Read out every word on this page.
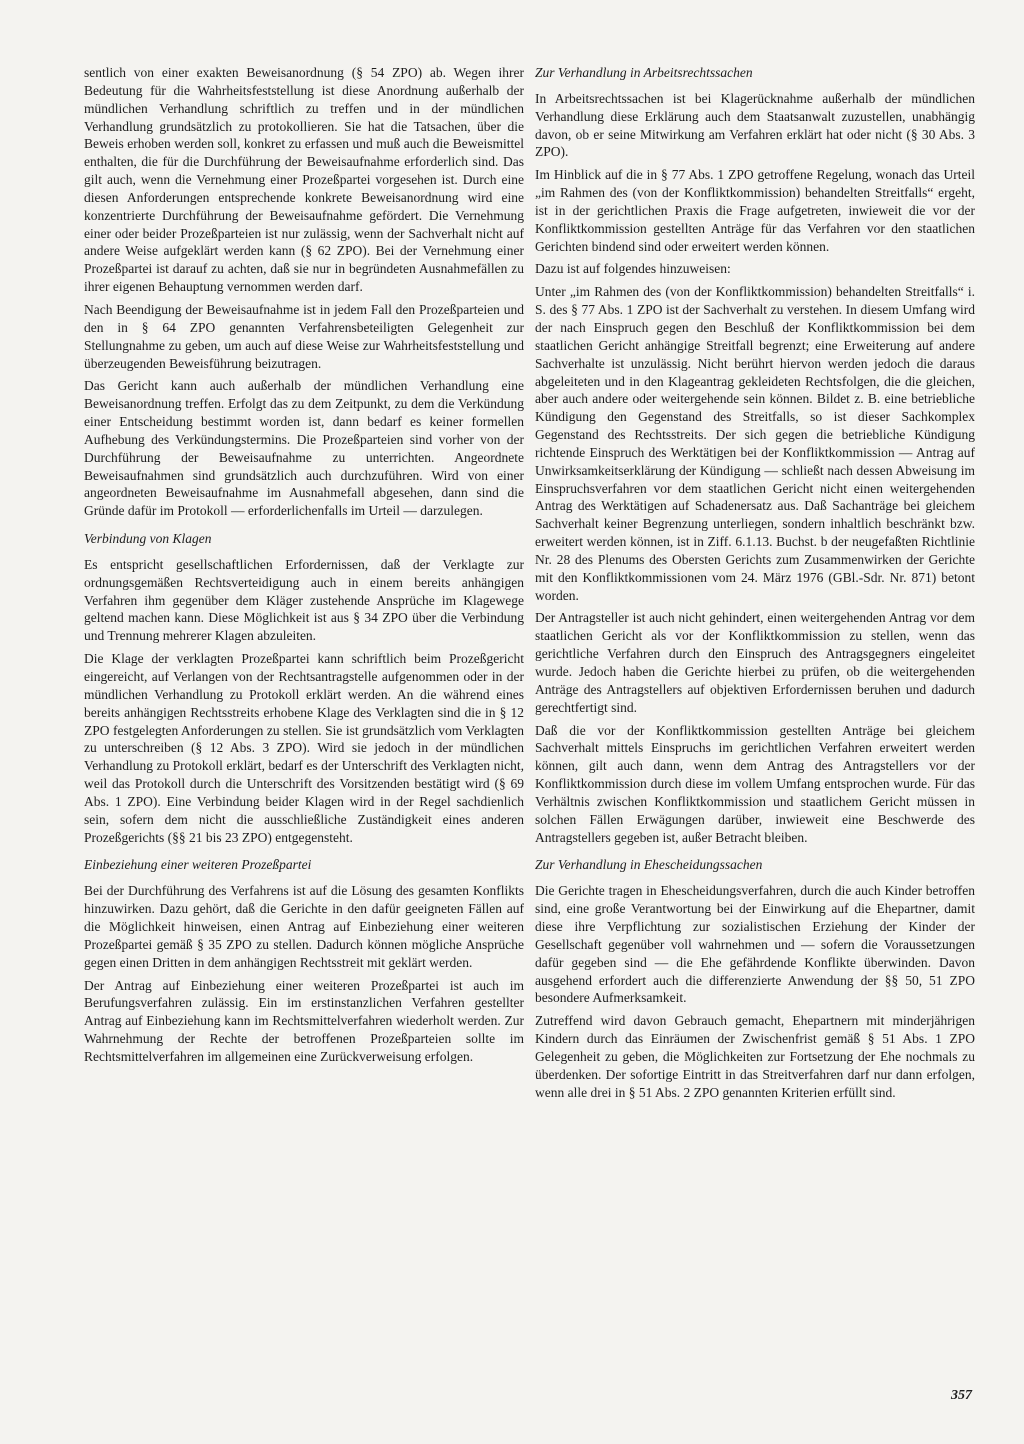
sentlich von einer exakten Beweisanordnung (§ 54 ZPO) ab. Wegen ihrer Bedeutung für die Wahrheitsfeststellung ist diese Anordnung außerhalb der mündlichen Verhandlung schriftlich zu treffen und in der mündlichen Verhandlung grundsätzlich zu protokollieren. Sie hat die Tatsachen, über die Beweis erhoben werden soll, konkret zu erfassen und muß auch die Beweismittel enthalten, die für die Durchführung der Beweisaufnahme erforderlich sind. Das gilt auch, wenn die Vernehmung einer Prozeßpartei vorgesehen ist. Durch eine diesen Anforderungen entsprechende konkrete Beweisanordnung wird eine konzentrierte Durchführung der Beweisaufnahme gefördert. Die Vernehmung einer oder beider Prozeßparteien ist nur zulässig, wenn der Sachverhalt nicht auf andere Weise aufgeklärt werden kann (§ 62 ZPO). Bei der Vernehmung einer Prozeßpartei ist darauf zu achten, daß sie nur in begründeten Ausnahmefällen zu ihrer eigenen Behauptung vernommen werden darf.

Nach Beendigung der Beweisaufnahme ist in jedem Fall den Prozeßparteien und den in § 64 ZPO genannten Verfahrensbeteiligten Gelegenheit zur Stellungnahme zu geben, um auch auf diese Weise zur Wahrheitsfeststellung und überzeugenden Beweisführung beizutragen.

Das Gericht kann auch außerhalb der mündlichen Verhandlung eine Beweisanordnung treffen. Erfolgt das zu dem Zeitpunkt, zu dem die Verkündung einer Entscheidung bestimmt worden ist, dann bedarf es keiner formellen Aufhebung des Verkündungstermins. Die Prozeßparteien sind vorher von der Durchführung der Beweisaufnahme zu unterrichten. Angeordnete Beweisaufnahmen sind grundsätzlich auch durchzuführen. Wird von einer angeordneten Beweisaufnahme im Ausnahmefall abgesehen, dann sind die Gründe dafür im Protokoll — erforderlichenfalls im Urteil — darzulegen.

Verbindung von Klagen

Es entspricht gesellschaftlichen Erfordernissen, daß der Verklagte zur ordnungsgemäßen Rechtsverteidigung auch in einem bereits anhängigen Verfahren ihm gegenüber dem Kläger zustehende Ansprüche im Klagewege geltend machen kann. Diese Möglichkeit ist aus § 34 ZPO über die Verbindung und Trennung mehrerer Klagen abzuleiten.

Die Klage der verklagten Prozeßpartei kann schriftlich beim Prozeßgericht eingereicht, auf Verlangen von der Rechtsantragstelle aufgenommen oder in der mündlichen Verhandlung zu Protokoll erklärt werden. An die während eines bereits anhängigen Rechtsstreits erhobene Klage des Verklagten sind die in § 12 ZPO festgelegten Anforderungen zu stellen. Sie ist grundsätzlich vom Verklagten zu unterschreiben (§ 12 Abs. 3 ZPO). Wird sie jedoch in der mündlichen Verhandlung zu Protokoll erklärt, bedarf es der Unterschrift des Verklagten nicht, weil das Protokoll durch die Unterschrift des Vorsitzenden bestätigt wird (§ 69 Abs. 1 ZPO). Eine Verbindung beider Klagen wird in der Regel sachdienlich sein, sofern dem nicht die ausschließliche Zuständigkeit eines anderen Prozeßgerichts (§§ 21 bis 23 ZPO) entgegensteht.

Einbeziehung einer weiteren Prozeßpartei

Bei der Durchführung des Verfahrens ist auf die Lösung des gesamten Konflikts hinzuwirken. Dazu gehört, daß die Gerichte in den dafür geeigneten Fällen auf die Möglichkeit hinweisen, einen Antrag auf Einbeziehung einer weiteren Prozeßpartei gemäß § 35 ZPO zu stellen. Dadurch können mögliche Ansprüche gegen einen Dritten in dem anhängigen Rechtsstreit mit geklärt werden.

Der Antrag auf Einbeziehung einer weiteren Prozeßpartei ist auch im Berufungsverfahren zulässig. Ein im erstinstanzlichen Verfahren gestellter Antrag auf Einbeziehung kann im Rechtsmittelverfahren wiederholt werden. Zur Wahrnehmung der Rechte der betroffenen Prozeßparteien sollte im Rechtsmittelverfahren im allgemeinen eine Zurückverweisung erfolgen.

Zur Verhandlung in Arbeitsrechtssachen

In Arbeitsrechtssachen ist bei Klagerücknahme außerhalb der mündlichen Verhandlung diese Erklärung auch dem Staatsanwalt zuzustellen, unabhängig davon, ob er seine Mitwirkung am Verfahren erklärt hat oder nicht (§ 30 Abs. 3 ZPO).

Im Hinblick auf die in § 77 Abs. 1 ZPO getroffene Regelung, wonach das Urteil „im Rahmen des (von der Konfliktkommission) behandelten Streitfalls“ ergeht, ist in der gerichtlichen Praxis die Frage aufgetreten, inwieweit die vor der Konfliktkommission gestellten Anträge für das Verfahren vor den staatlichen Gerichten bindend sind oder erweitert werden können.

Dazu ist auf folgendes hinzuweisen:

Unter „im Rahmen des (von der Konfliktkommission) behandelten Streitfalls“ i. S. des § 77 Abs. 1 ZPO ist der Sachverhalt zu verstehen. In diesem Umfang wird der nach Einspruch gegen den Beschluß der Konfliktkommission bei dem staatlichen Gericht anhängige Streitfall begrenzt; eine Erweiterung auf andere Sachverhalte ist unzulässig. Nicht berührt hiervon werden jedoch die daraus abgeleiteten und in den Klageantrag gekleideten Rechtsfolgen, die die gleichen, aber auch andere oder weitergehende sein können. Bildet z. B. eine betriebliche Kündigung den Gegenstand des Streitfalls, so ist dieser Sachkomplex Gegenstand des Rechtsstreits. Der sich gegen die betriebliche Kündigung richtende Einspruch des Werktätigen bei der Konfliktkommission — Antrag auf Unwirksamkeitserklärung der Kündigung — schließt nach dessen Abweisung im Einspruchsverfahren vor dem staatlichen Gericht nicht einen weitergehenden Antrag des Werktätigen auf Schadenersatz aus. Daß Sachanträge bei gleichem Sachverhalt keiner Begrenzung unterliegen, sondern inhaltlich beschränkt bzw. erweitert werden können, ist in Ziff. 6.1.13. Buchst. b der neugefaßten Richtlinie Nr. 28 des Plenums des Obersten Gerichts zum Zusammenwirken der Gerichte mit den Konfliktkommissionen vom 24. März 1976 (GBl.-Sdr. Nr. 871) betont worden.

Der Antragsteller ist auch nicht gehindert, einen weitergehenden Antrag vor dem staatlichen Gericht als vor der Konfliktkommission zu stellen, wenn das gerichtliche Verfahren durch den Einspruch des Antragsgegners eingeleitet wurde. Jedoch haben die Gerichte hierbei zu prüfen, ob die weitergehenden Anträge des Antragstellers auf objektiven Erfordernissen beruhen und dadurch gerechtfertigt sind.

Daß die vor der Konfliktkommission gestellten Anträge bei gleichem Sachverhalt mittels Einspruchs im gerichtlichen Verfahren erweitert werden können, gilt auch dann, wenn dem Antrag des Antragstellers vor der Konfliktkommission durch diese im vollem Umfang entsprochen wurde. Für das Verhältnis zwischen Konfliktkommission und staatlichem Gericht müssen in solchen Fällen Erwägungen darüber, inwieweit eine Beschwerde des Antragstellers gegeben ist, außer Betracht bleiben.

Zur Verhandlung in Ehescheidungssachen

Die Gerichte tragen in Ehescheidungsverfahren, durch die auch Kinder betroffen sind, eine große Verantwortung bei der Einwirkung auf die Ehepartner, damit diese ihre Verpflichtung zur sozialistischen Erziehung der Kinder der Gesellschaft gegenüber voll wahrnehmen und — sofern die Voraussetzungen dafür gegeben sind — die Ehe gefährdende Konflikte überwinden. Davon ausgehend erfordert auch die differenzierte Anwendung der §§ 50, 51 ZPO besondere Aufmerksamkeit.

Zutreffend wird davon Gebrauch gemacht, Ehepartnern mit minderjährigen Kindern durch das Einräumen der Zwischenfrist gemäß § 51 Abs. 1 ZPO Gelegenheit zu geben, die Möglichkeiten zur Fortsetzung der Ehe nochmals zu überdenken. Der sofortige Eintritt in das Streitverfahren darf nur dann erfolgen, wenn alle drei in § 51 Abs. 2 ZPO genannten Kriterien erfüllt sind.

357
